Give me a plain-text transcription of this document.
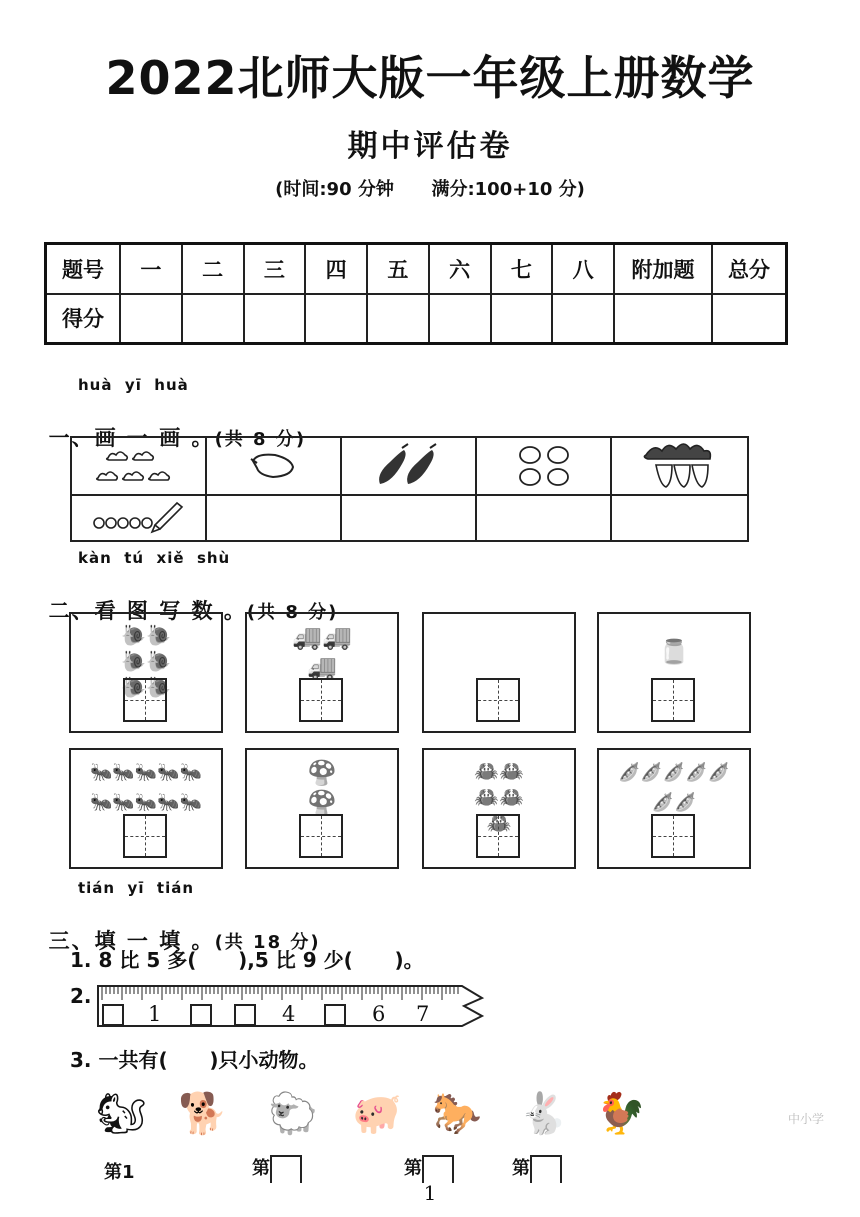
2022北师大版一年级上册数学
期中评估卷
(时间:90 分钟      满分:100+10 分)
题号	一	二	三	四	五	六	七	八	附加题	总分
得分										
huà  yī  huà

一、画 一 画 。(共 8 分)

kàn  tú  xiě  shù

二、看 图 写 数 。(共 8 分)

🐌 🐌
🐌 🐌
🐌 🐌
🚚 🚚
🚚
🫙
🐜 🐜 🐜 🐜 🐜
🐜 🐜 🐜 🐜 🐜
🍄
🍄
🦀 🦀
🦀 🦀
🦀
🫛 🫛 🫛 🫛 🫛
🫛 🫛
tián  yī  tián

三、填 一 填 。(共 18 分)

1. 8 比 5 多(      ),5 比 9 少(      )。
2.
1	4	6 7
3. 一共有(      )只小动物。
🐿 🐕 🐑 🐖 🐎 🐇 🐓
第1	第	第	第
中小学
1
